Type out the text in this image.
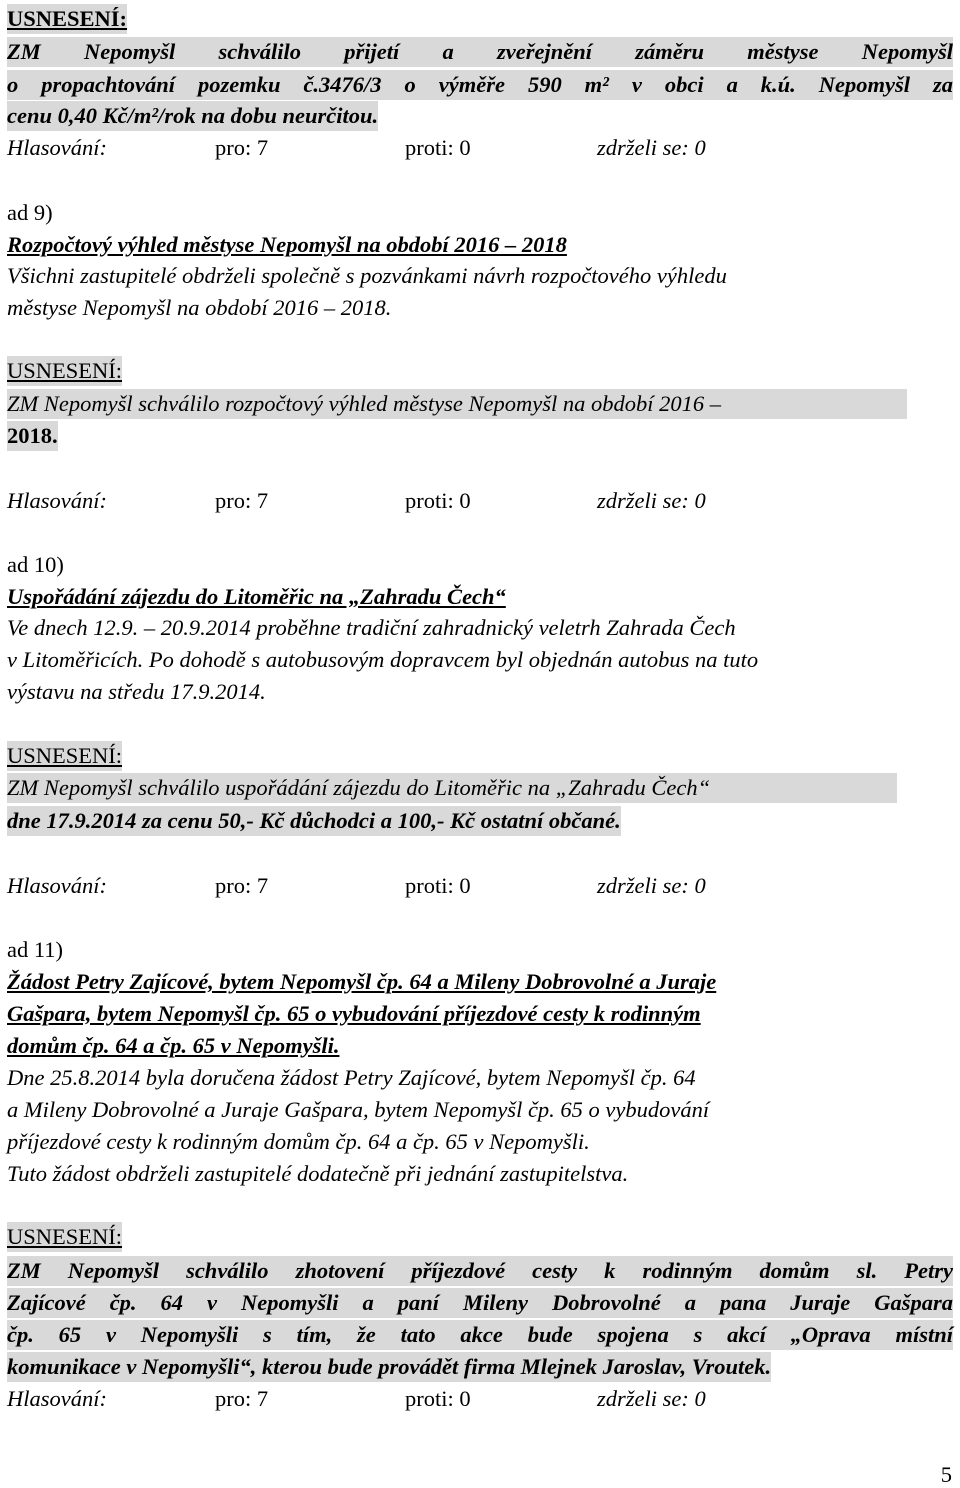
USNESENÍ:

ZM Nepomyšl schválilo přijetí a zveřejnění záměru městyse Nepomyšl

o propachtování pozemku č.3476/3 o výměře 590 m² v obci a k.ú. Nepomyšl za

cenu 0,40 Kč/m²/rok na dobu neurčitou.

Hlasování:	pro: 7	proti: 0	zdrželi se: 0

ad 9)

Rozpočtový výhled městyse Nepomyšl na období 2016 – 2018

Všichni zastupitelé obdrželi společně s pozvánkami návrh rozpočtového výhledu

městyse Nepomyšl na období 2016 – 2018.

USNESENÍ:

ZM Nepomyšl schválilo rozpočtový výhled městyse Nepomyšl na období 2016 –

2018.

Hlasování:	pro: 7	proti: 0	zdrželi se: 0

ad 10)

Uspořádání zájezdu do Litoměřic na „Zahradu Čech“

Ve dnech 12.9. – 20.9.2014 proběhne tradiční zahradnický veletrh Zahrada Čech

v Litoměřicích. Po dohodě s autobusovým dopravcem byl objednán autobus na tuto

výstavu na středu 17.9.2014.

USNESENÍ:

ZM Nepomyšl schválilo uspořádání zájezdu do Litoměřic na „Zahradu Čech“

dne 17.9.2014 za cenu 50,- Kč důchodci a 100,- Kč ostatní občané.

Hlasování:	pro: 7	proti: 0	zdrželi se: 0

ad 11)

Žádost Petry Zajícové, bytem Nepomyšl čp. 64 a Mileny Dobrovolné a Juraje

Gašpara, bytem Nepomyšl čp. 65 o vybudování příjezdové cesty k rodinným

domům čp. 64 a čp. 65 v Nepomyšli.

Dne 25.8.2014 byla doručena žádost Petry Zajícové, bytem Nepomyšl čp. 64

a Mileny Dobrovolné a Juraje Gašpara, bytem Nepomyšl čp. 65 o vybudování

příjezdové cesty k rodinným domům čp. 64 a čp. 65 v Nepomyšli.

Tuto žádost obdrželi zastupitelé dodatečně při jednání zastupitelstva.

USNESENÍ:

ZM Nepomyšl schválilo zhotovení příjezdové cesty k rodinným domům sl. Petry

Zajícové čp. 64 v Nepomyšli a paní Mileny Dobrovolné a pana Juraje Gašpara

čp. 65 v Nepomyšli s tím, že tato akce bude spojena s akcí „Oprava místní

komunikace v Nepomyšli“, kterou bude provádět firma Mlejnek Jaroslav, Vroutek.

Hlasování:	pro: 7	proti: 0	zdrželi se: 0
5
